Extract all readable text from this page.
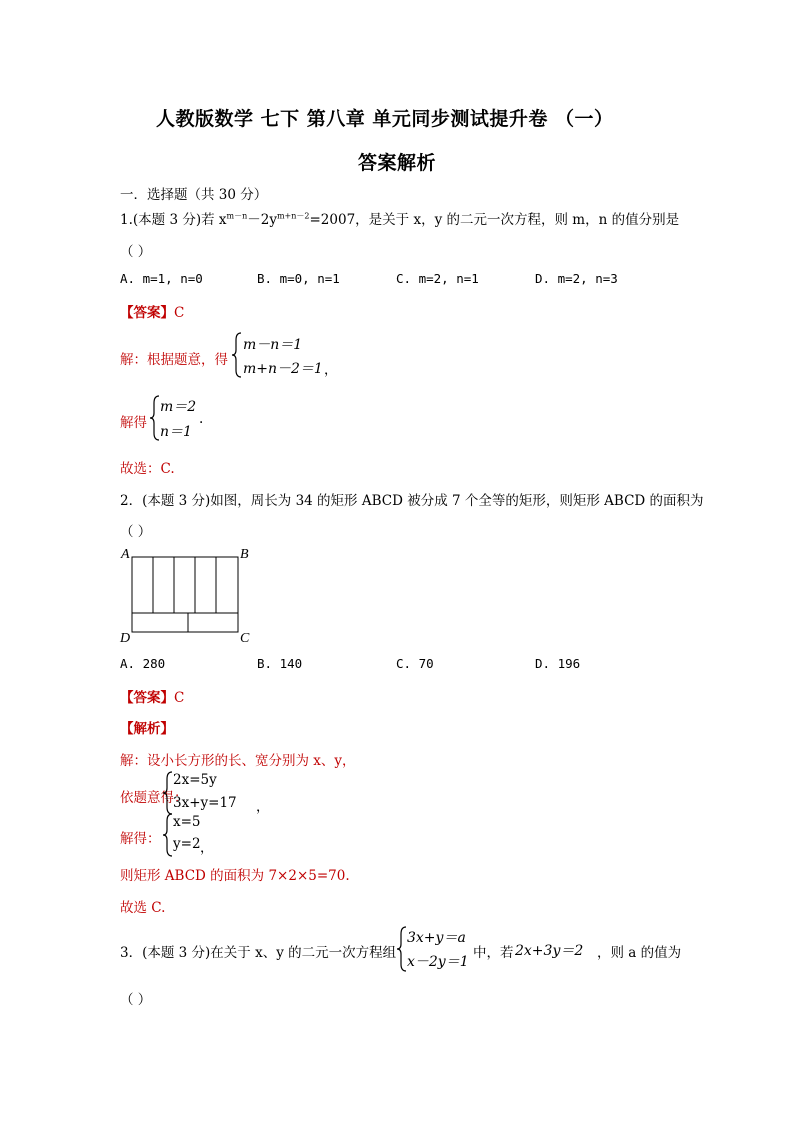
人教版数学 七下 第八章 单元同步测试提升卷 （一）
答案解析
一．选择题（共 30 分）
1.(本题 3 分)若 $x^{m-n}-2y^{m+n-2}=2007$，是关于 x，y 的二元一次方程，则 m，n 的值分别是
（ ）
A. m=1, n=0	B. m=0, n=1	C. m=2, n=1	D. m=2, n=3
【答案】C
解：根据题意，得
m－n＝1
m+n－2＝1 ，
解得
m＝2
n＝1
.
故选：C.
2．(本题 3 分)如图，周长为 34 的矩形 ABCD 被分成 7 个全等的矩形，则矩形 ABCD 的面积为
（ ）
A	B
C
D
A. 280	B. 140	C. 70	D. 196
【答案】C
【解析】
解：设小长方形的长、宽分别为 x、y，
依题意得：
2x=5y
3x+y=17 ，
解得：
x=5
y=2 ，
则矩形 ABCD 的面积为 7×2×5=70.
故选 C.
3．(本题 3 分)在关于 x、y 的二元一次方程组
3x+y＝a
x－2y＝1
中，若 2x+3y＝2 ，则 a 的值为
（ ）
